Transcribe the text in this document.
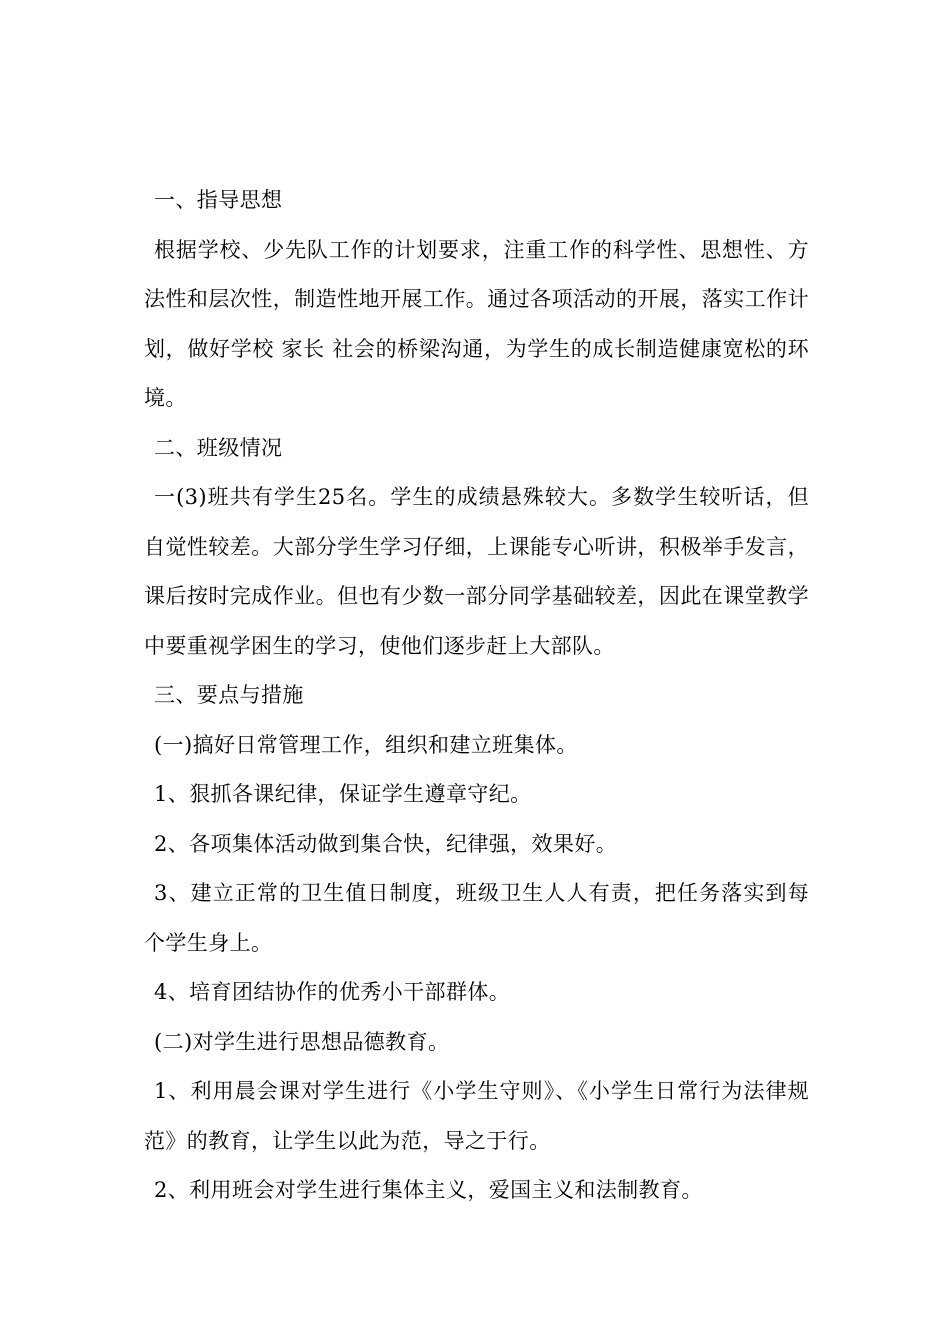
一、指导思想

根据学校、少先队工作的计划要求，注重工作的科学性、思想性、方法性和层次性，制造性地开展工作。通过各项活动的开展，落实工作计划，做好学校 家长 社会的桥梁沟通，为学生的成长制造健康宽松的环境。

二、班级情况

一(3)班共有学生25名。学生的成绩悬殊较大。多数学生较听话，但自觉性较差。大部分学生学习仔细，上课能专心听讲，积极举手发言，课后按时完成作业。但也有少数一部分同学基础较差，因此在课堂教学中要重视学困生的学习，使他们逐步赶上大部队。

三、要点与措施

(一)搞好日常管理工作，组织和建立班集体。

1、狠抓各课纪律，保证学生遵章守纪。

2、各项集体活动做到集合快，纪律强，效果好。

3、建立正常的卫生值日制度，班级卫生人人有责，把任务落实到每个学生身上。

4、培育团结协作的优秀小干部群体。

(二)对学生进行思想品德教育。

1、利用晨会课对学生进行《小学生守则》、《小学生日常行为法律规范》的教育，让学生以此为范，导之于行。

2、利用班会对学生进行集体主义，爱国主义和法制教育。
